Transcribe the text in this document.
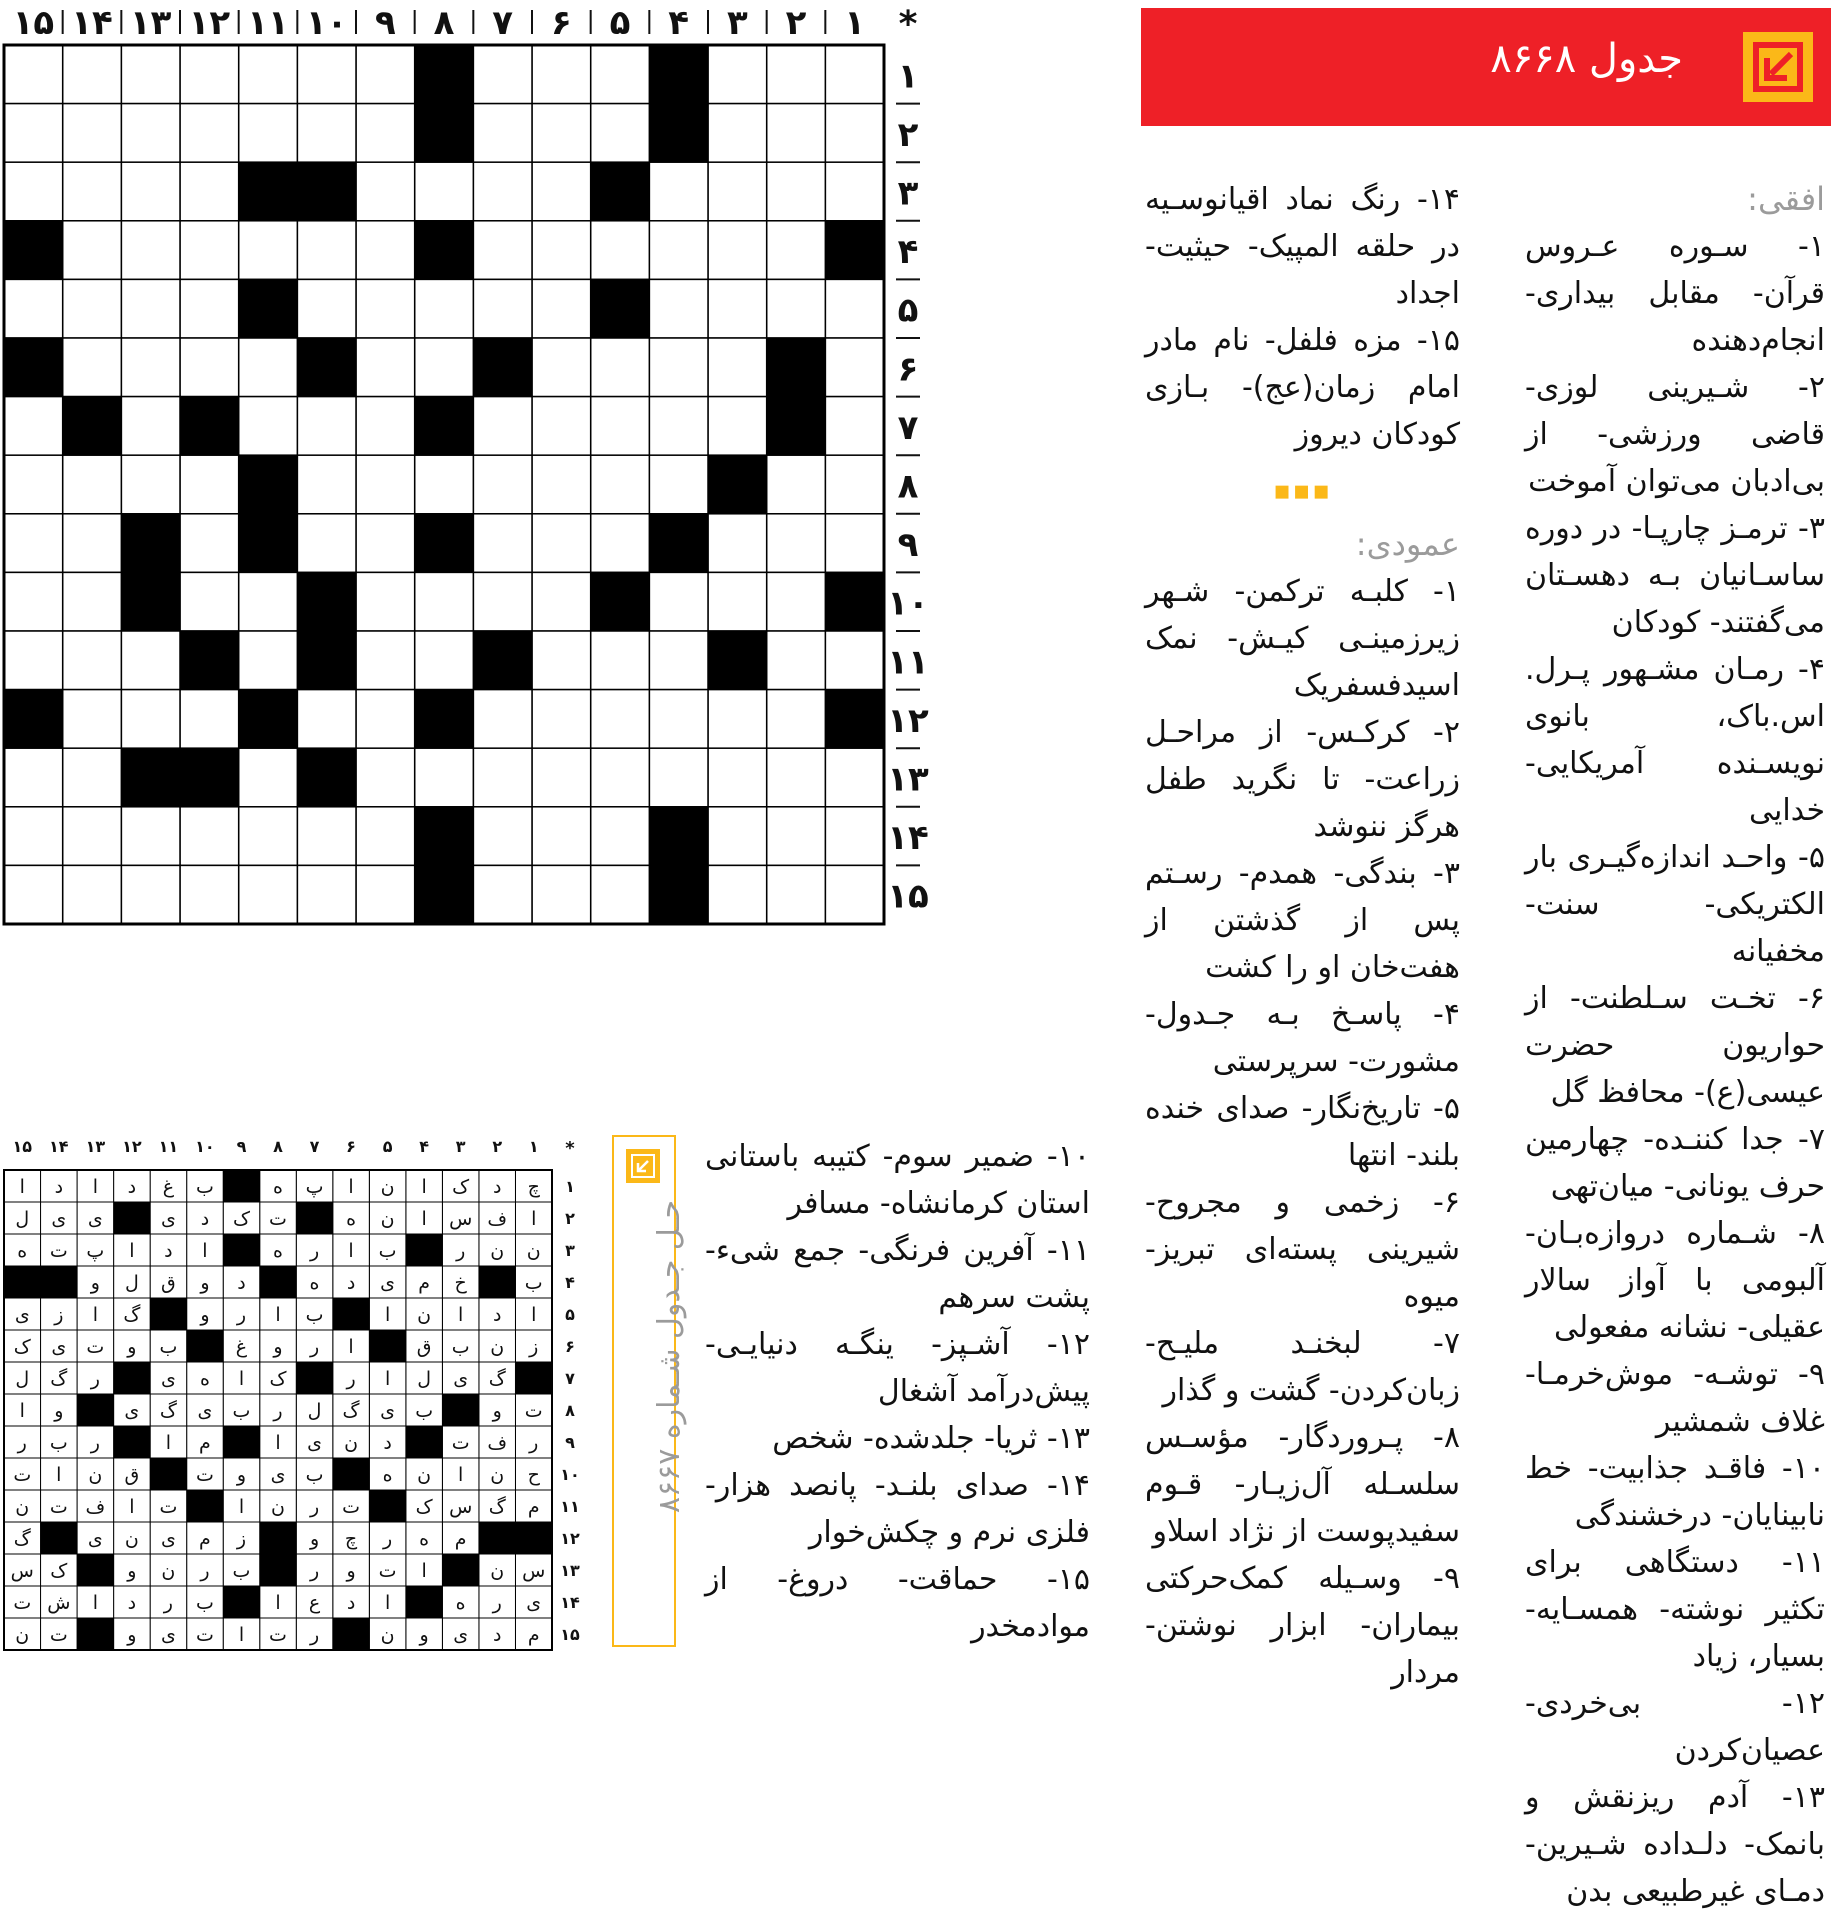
۱
۲
۳
۴
۵
۶
۷
۸
۹
۱۰
۱۱
۱۲
۱۳
۱۴
۱۵	*
۱
۲
۳
۴
۵
۶
۷
۸
۹
۱۰
۱۱
۱۲
۱۳
۱۴
۱۵
جدول ۸۶۶۸

افقی:

۱- سـوره عـروس قرآن- مقابل بیداری- انجام‌دهنده

۲- شـیرینی لوزی- قاضی ورزشی- از بی‌ادبان می‌توان آموخت

۳- ترمـز چارپـا- در دوره ساسـانیان بـه دهسـتان می‌گفتند- کودکان

۴- رمـان مشـهور پـرل. اس.باک، بانوی نویسـنده آمریکایی- خدایی

۵- واحـد اندازه‌گیـری بار الکتریکی- سنت- مخفیانه

۶- تخـت سـلطنت- از حواریون حضرت عیسی(ع)- محافظ گل

۷- جدا کننـده- چهارمین حرف یونانی- میان‌تهی

۸- شـماره دروازه‌بـان- آلبومی با آواز سالار عقیلی- نشانه مفعولی

۹- توشـه- موش‌خرمـا- غلاف شمشیر

۱۰- فاقـد جذابیت- خط نابینایان- درخشندگی

۱۱- دستگاهی برای تکثیر نوشته- همسـایه- بسیار، زیاد

۱۲- بی‌خردی- عصیان‌کردن

۱۳- آدم ریزنقش و بانمک- دلـداده شـیرین- دمـای غیرطبیعی بدن

۱۴- رنگ نماد اقیانوسـیه در حلقه المپیک- حیثیت- اجداد

۱۵- مزه فلفل- نام مادر امام زمان(عج)- بـازی کودکان دیروز

▪▪▪

عمودی:

۱- کلبـه ترکمن- شـهر زیرزمینـی کیـش- نمک اسیدفسفریک

۲- کرکـس- از مراحـل زراعت- تا نگرید طفل هرگز ننوشد

۳- بندگی- همدم- رسـتم پس از گذشتن از هفت‌خان او را کشت

۴- پاسـخ بـه جـدول- مشورت- سرپرستی

۵- تاریخ‌نگار- صدای خنده بلند- انتها

۶- زخمی و مجروح- شیرینی پسته‌ای تبریز- میوه

۷- لبخنـد ملیـح- زبان‌کردن- گشت و گذار

۸- پـروردگار- مؤسـس سلسـله آل‌زیـار- قـوم سفیدپوست از نژاد اسلاو

۹- وسـیله کمک‌حرکتی بیماران- ابزار نوشتن- مردار

۱۰- ضمیر سوم- کتیبه باستانی استان کرمانشاه- مسافر

۱۱- آفرین فرنگی- جمع شیء- پشت سرهم

۱۲- آشـپز- ینگـه دنیایـی- پیش‌درآمد آشغال

۱۳- ثریا- جلدشده- شخص

۱۴- صدای بلنـد- پانصد هزار- فلزی نرم و چکش‌خوار

۱۵- حماقت- دروغ- از موادمخدر

حـل جـدول شـماره ۸۶۶۷
چ
د
ک
ا
ن
ا
پ
ه
ب
غ
د
ا
د
ا
ا
ف
س
ا
ن
ه
ت
ک
د
ی
ی
ی
ل
ن
ن
ر
ب
ا
ر
ه
ا
د
ا
پ
ت
ه
ب
خ
م
ی
د
ه
د
و
ق
ل
و
ا
د
ا
ن
ا
ب
ا
ر
و
گ
ا
ز
ی
ز
ن
ب
ق
ا
ر
و
غ
ب
و
ت
ی
ک
گ
ی
ل
ا
ر
ک
ا
ه
ی
ر
گ
ل
ت
و
ب
ی
گ
ل
ر
ب
ی
گ
ی
و
ا
ر
ف
ت
د
ن
ی
ا
م
ا
ر
ب
ر
ح
ن
ا
ن
ه
ب
ی
و
ت
ق
ن
ا
ت
م
گ
س
ک
ت
ر
ن
ا
ت
ا
ف
ت
ن
م
ه
ر
چ
و
ز
م
ی
ن
ی
گ
س
ن
ا
ت
و
ر
ب
ر
ن
و
ک
س
ی
ر
ه
ا
د
ع
ا
ب
ر
د
ا
ش
ت
م
د
ی
و
ن
ر
ت
ا
ت
ی
و
ت
ن
۱
۲
۳
۴
۵
۶
۷
۸
۹
۱۰
۱۱
۱۲
۱۳
۱۴
۱۵	*
۱
۲
۳
۴
۵
۶
۷
۸
۹
۱۰
۱۱
۱۲
۱۳
۱۴
۱۵
